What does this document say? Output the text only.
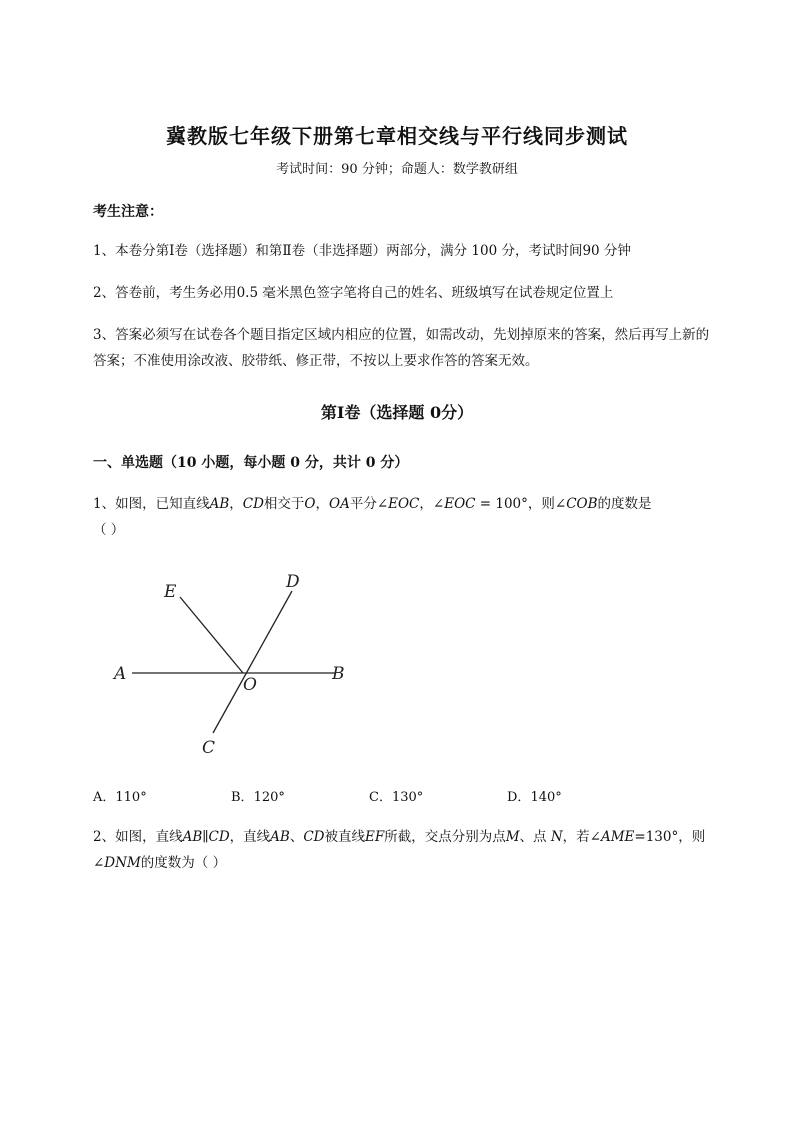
冀教版七年级下册第七章相交线与平行线同步测试
考试时间：90 分钟；命题人：数学教研组
考生注意：
1、本卷分第Ⅰ卷（选择题）和第Ⅱ卷（非选择题）两部分，满分 100 分，考试时间90 分钟
2、答卷前，考生务必用0.5 毫米黑色签字笔将自己的姓名、班级填写在试卷规定位置上
3、答案必须写在试卷各个题目指定区域内相应的位置，如需改动，先划掉原来的答案，然后再写上新的答案；不准使用涂改液、胶带纸、修正带，不按以上要求作答的答案无效。
第Ⅰ卷（选择题 0分）
一、单选题（10 小题，每小题 0 分，共计 0 分）
1、如图，已知直线AB，CD相交于O，OA平分∠EOC，∠EOC = 100°，则∠COB的度数是
（ ）
E	D
A
O
B
C
A．110°	B．120°	C．130°	D．140°
2、如图，直线AB∥CD，直线AB、CD被直线EF所截，交点分别为点M、点 N，若∠AME=130°，则∠DNM的度数为（ ）
